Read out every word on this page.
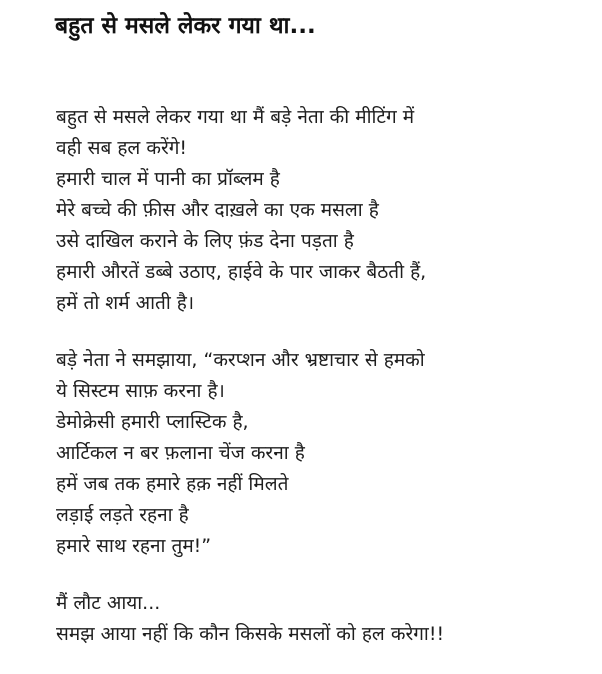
बहुत से मसले लेकर गया था...
बहुत से मसले लेकर गया था मैं बड़े नेता की मीटिंग में
वही सब हल करेंगे!
हमारी चाल में पानी का प्रॉब्लम है
मेरे बच्चे की फ़ीस और दाख़ले का एक मसला है
उसे दाखिल कराने के लिए फ़ंड देना पड़ता है
हमारी औरतें डब्बे उठाए, हाईवे के पार जाकर बैठती हैं,
हमें तो शर्म आती है।
बड़े नेता ने समझाया, “करप्शन और भ्रष्टाचार से हमको
ये सिस्टम साफ़ करना है।
डेमोक्रेसी हमारी प्लास्टिक है,
आर्टिकल न बर फ़लाना चेंज करना है
हमें जब तक हमारे हक़ नहीं मिलते
लड़ाई लड़ते रहना है
हमारे साथ रहना तुम!”
मैं लौट आया...
समझ आया नहीं कि कौन किसके मसलों को हल करेगा!!
